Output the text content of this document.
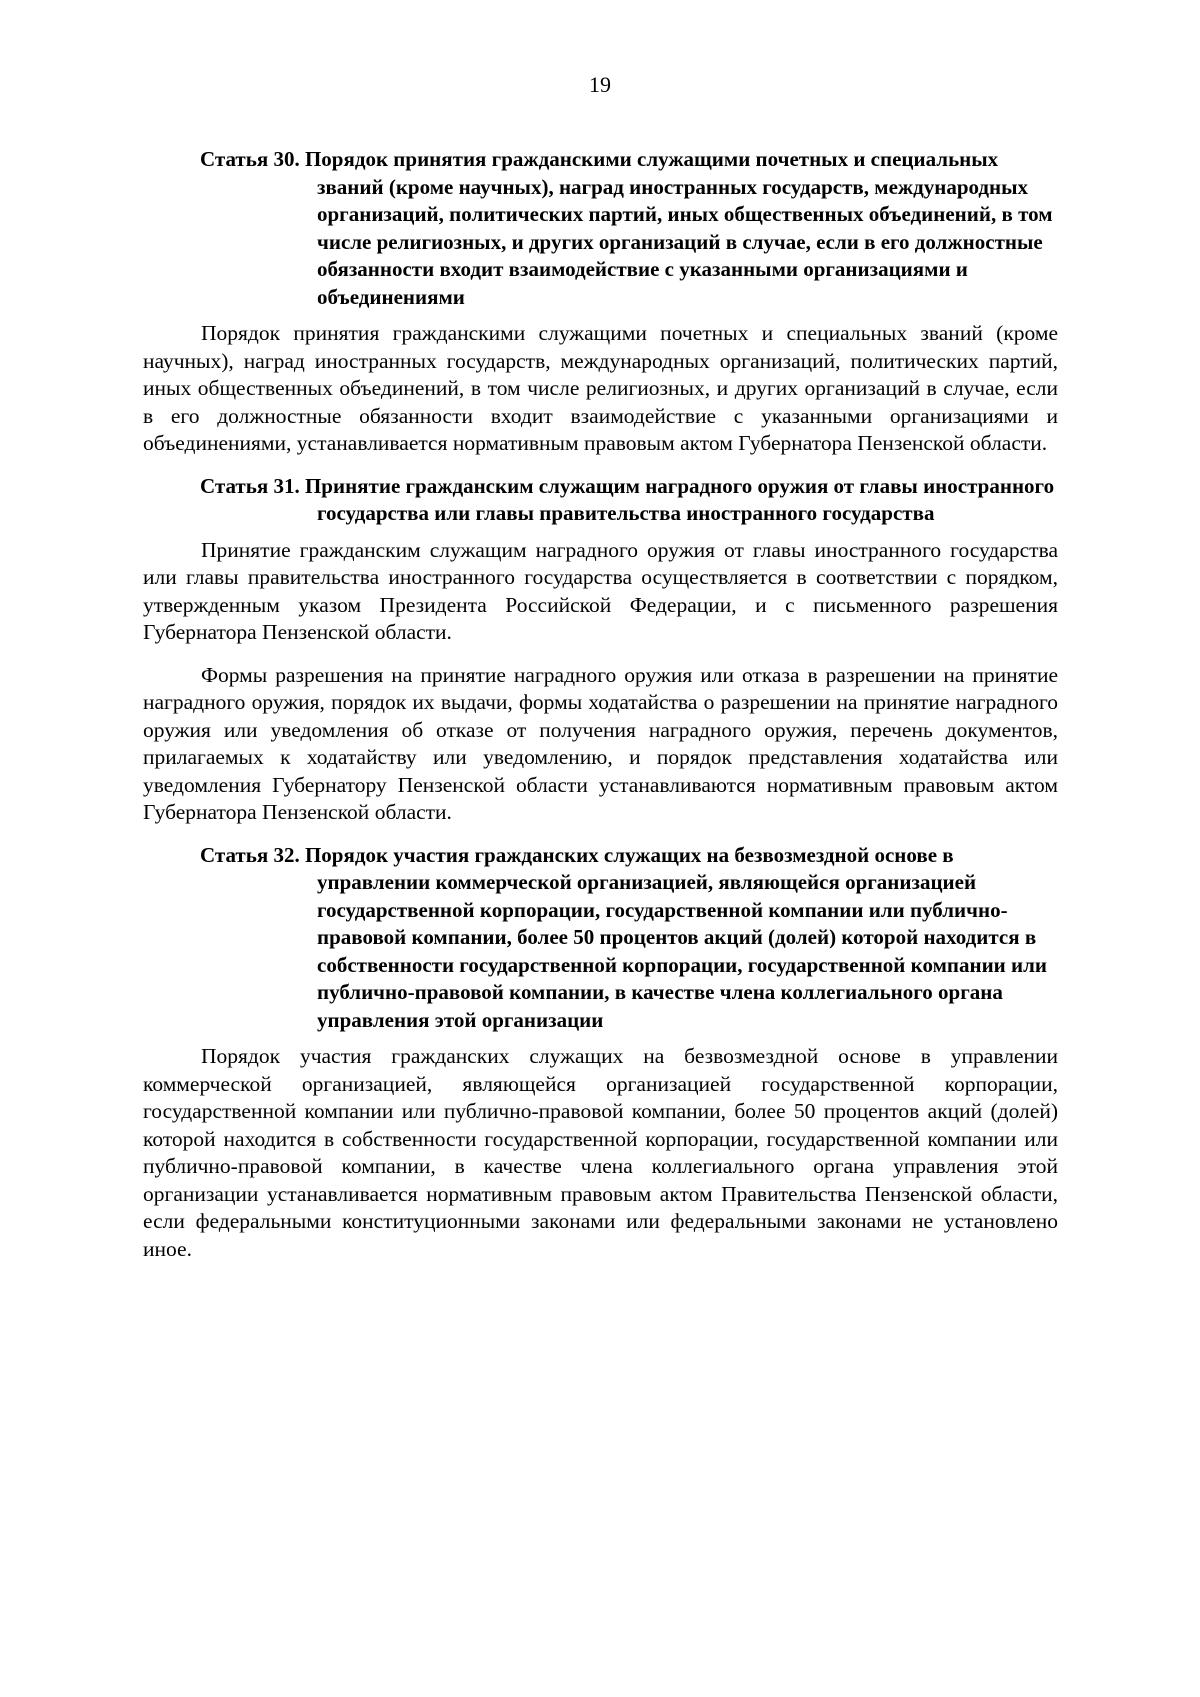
19
Статья 30. Порядок принятия гражданскими служащими почетных и специальных званий (кроме научных), наград иностранных государств, международных организаций, политических партий, иных общественных объединений, в том числе религиозных, и других организаций в случае, если в его должностные обязанности входит взаимодействие с указанными организациями и объединениями

Порядок принятия гражданскими служащими почетных и специальных званий (кроме научных), наград иностранных государств, международных организаций, политических партий, иных общественных объединений, в том числе религиозных, и других организаций в случае, если в его должностные обязанности входит взаимодействие с указанными организациями и объединениями, устанавливается нормативным правовым актом Губернатора Пензенской области.

Статья 31. Принятие гражданским служащим наградного оружия от главы иностранного государства или главы правительства иностранного государства

Принятие гражданским служащим наградного оружия от главы иностранного государства или главы правительства иностранного государства осуществляется в соответствии с порядком, утвержденным указом Президента Российской Федерации, и с письменного разрешения Губернатора Пензенской области.

Формы разрешения на принятие наградного оружия или отказа в разрешении на принятие наградного оружия, порядок их выдачи, формы ходатайства о разрешении на принятие наградного оружия или уведомления об отказе от получения наградного оружия, перечень документов, прилагаемых к ходатайству или уведомлению, и порядок представления ходатайства или уведомления Губернатору Пензенской области устанавливаются нормативным правовым актом Губернатора Пензенской области.

Статья 32. Порядок участия гражданских служащих на безвозмездной основе в управлении коммерческой организацией, являющейся организацией государственной корпорации, государственной компании или публично-правовой компании, более 50 процентов акций (долей) которой находится в собственности государственной корпорации, государственной компании или публично-правовой компании, в качестве члена коллегиального органа управления этой организации

Порядок участия гражданских служащих на безвозмездной основе в управлении коммерческой организацией, являющейся организацией государственной корпорации, государственной компании или публично-правовой компании, более 50 процентов акций (долей) которой находится в собственности государственной корпорации, государственной компании или публично-правовой компании, в качестве члена коллегиального органа управления этой организации устанавливается нормативным правовым актом Правительства Пензенской области, если федеральными конституционными законами или федеральными законами не установлено иное.
